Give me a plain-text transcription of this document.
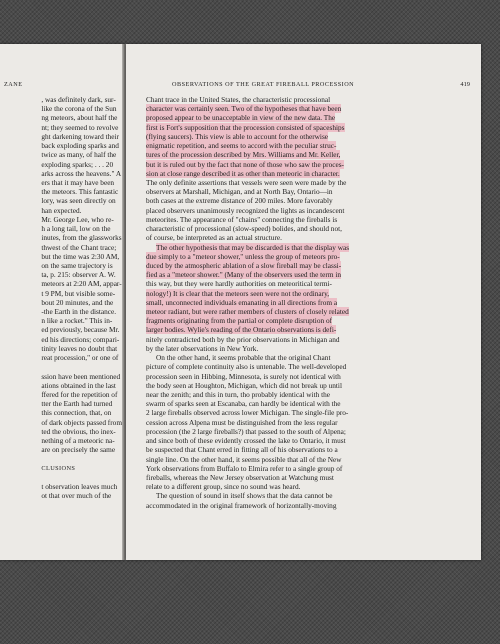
ZANE
, was definitely dark, sur-
like the corona of the Sun
ng meteors, about half the
nt; they seemed to revolve
ght darkening toward their
back exploding sparks and
twice as many, of half the
exploding sparks; . . . 20
arks across the heavens." A
ers that it may have been
the meteors. This fantastic
lory, was seen directly on
han expected.
Mr. George Lee, who re-
h a long tail, low on the
inutes, from the glassworks
thwest of the Chant trace;
but the time was 2:30 AM,
on the same trajectory is
ta, p. 215: observer A. W.
meteors at 2:20 AM, appar-
t 9 PM, but visible some-
bout 20 minutes, and the
-the Earth in the distance.
n like a rocket." This in-
ed previously, because Mr.
ed his directions; compari-
tinity leaves no doubt that
reat procession," or one of

ssion have been mentioned
ations obtained in the last
ffered for the repetition of
tter the Earth had turned
this connection, that, on
of dark objects passed from
ted the obvious, tho inex-
nething of a meteoric na-
are on precisely the same

CLUSIONS

t observation leaves much
ot that over much of the
OBSERVATIONS OF THE GREAT FIREBALL PROCESSION	419
Chant trace in the United States, the characteristic processional
character was certainly seen. Two of the hypotheses that have been
proposed appear to be unacceptable in view of the new data. The
first is Fort's supposition that the procession consisted of spaceships
(flying saucers). This view is able to account for the otherwise
enigmatic repetition, and seems to accord with the peculiar struc-
tures of the procession described by Mrs. Williams and Mr. Keller,
but it is ruled out by the fact that none of those who saw the proces-
sion at close range described it as other than meteoric in character.
The only definite assertions that vessels were seen were made by the
observers at Marshall, Michigan, and at North Bay, Ontario—in
both cases at the extreme distance of 200 miles. More favorably
placed observers unanimously recognized the lights as incandescent
meteorites. The appearance of "chains" connecting the fireballs is
characteristic of processional (slow-speed) bolides, and should not,
of course, be interpreted as an actual structure.
The other hypothesis that may be discarded is that the display was
due simply to a "meteor shower," unless the group of meteors pro-
duced by the atmospheric ablation of a slow fireball may be classi-
fied as a "meteor shower." (Many of the observers used the term in
this way, but they were hardly authorities on meteoritical termi-
nology!) It is clear that the meteors seen were not the ordinary,
small, unconnected individuals emanating in all directions from a
meteor radiant, but were rather members of clusters of closely related
fragments originating from the partial or complete disruption of
larger bodies. Wylie's reading of the Ontario observations is defi-
nitely contradicted both by the prior observations in Michigan and
by the later observations in New York.
On the other hand, it seems probable that the original Chant
picture of complete continuity also is untenable. The well-developed
procession seen in Hibbing, Minnesota, is surely not identical with
the body seen at Houghton, Michigan, which did not break up until
near the zenith; and this in turn, tho probably identical with the
swarm of sparks seen at Escanaba, can hardly be identical with the
2 large fireballs observed across lower Michigan. The single-file pro-
cession across Alpena must be distinguished from the less regular
procession (the 2 large fireballs?) that passed to the south of Alpena;
and since both of these evidently crossed the lake to Ontario, it must
be suspected that Chant erred in fitting all of his observations to a
single line. On the other hand, it seems possible that all of the New
York observations from Buffalo to Elmira refer to a single group of
fireballs, whereas the New Jersey observation at Watchung must
relate to a different group, since no sound was heard.
The question of sound in itself shows that the data cannot be
accommodated in the original framework of horizontally-moving
